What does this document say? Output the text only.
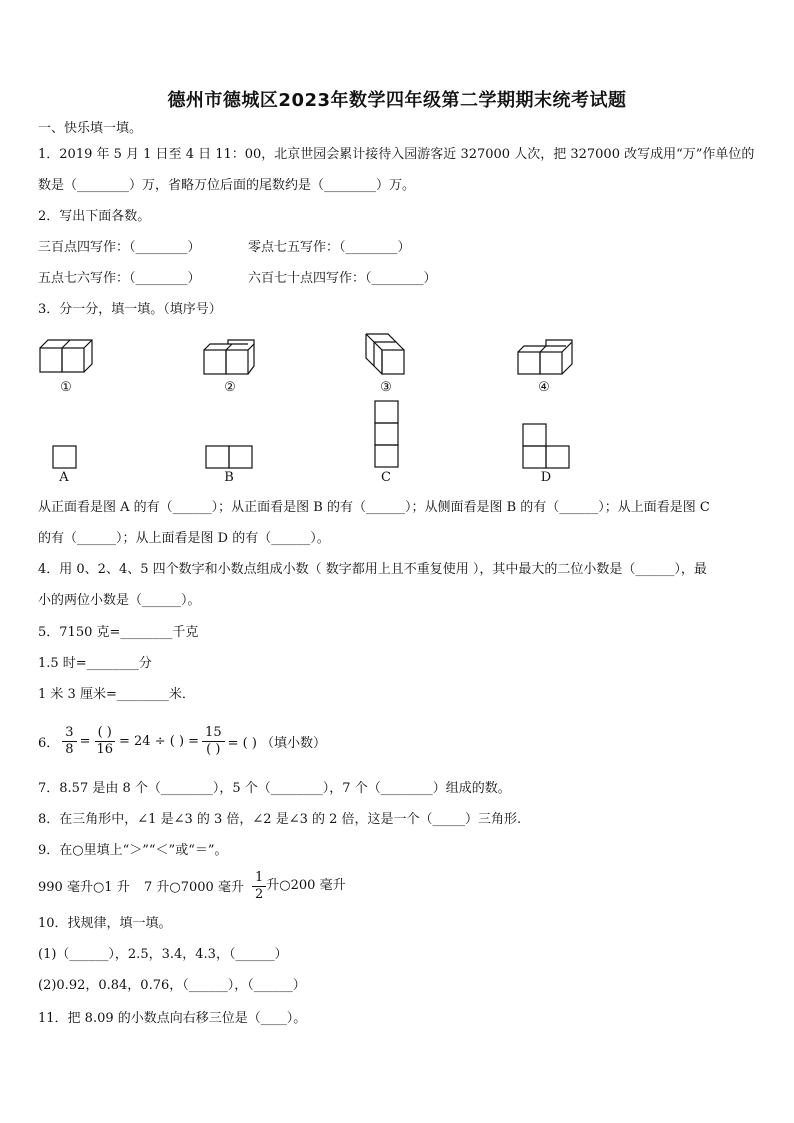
德州市德城区2023年数学四年级第二学期期末统考试题
一、快乐填一填。
1．2019 年 5 月 1 日至 4 日 11：00，北京世园会累计接待入园游客近 327000 人次，把 327000 改写成用“万”作单位的
数是（________）万，省略万位后面的尾数约是（________）万。
2．写出下面各数。
三百点四写作：（________）	零点七五写作：（________）
五点七六写作：（________）	六百七十点四写作：（________）
3．分一分，填一填。（填序号）
①	②	③	④
A	B	C	D
从正面看是图 A 的有（______）；从正面看是图 B 的有（______）；从侧面看是图 B 的有（______）；从上面看是图 C
的有（______）；从上面看是图 D 的有（______）。
4．用 0、2、4、5 四个数字和小数点组成小数（ 数字都用上且不重复使用 ），其中最大的二位小数是（______），最
小的两位小数是（______）。
5．7150 克=________千克
1.5 时=________分
1 米 3 厘米=________米．
6． $\frac{3}{8} = \frac{( )}{16} = 24$ ÷ ( ) = $\frac{15}{( )}$ = ( ) （填小数）
7．8.57 是由 8 个（________），5 个（________），7 个（________）组成的数。
8．在三角形中，∠1 是∠3 的 3 倍，∠2 是∠3 的 2 倍，这是一个（_____）三角形.
9．在○里填上“＞”“＜”或“＝”。
990 毫升○1 升 7 升○7000 毫升 $\frac{1}{2}$ 升○200 毫升
10．找规律，填一填。
(1)（______），2.5，3.4，4.3，（______）
(2)0.92，0.84，0.76，（______），（______）
11．把 8.09 的小数点向右移三位是（____）。
